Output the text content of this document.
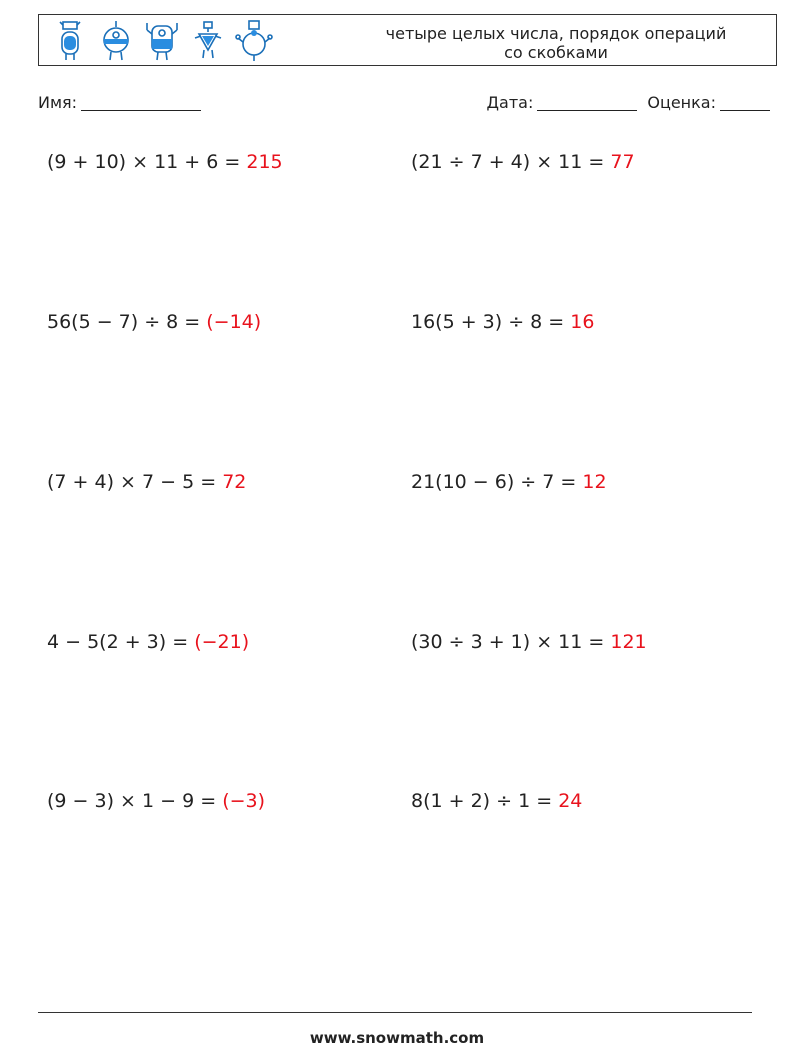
четыре целых числа, порядок операций
со скобками
Имя:	Дата:	Оценка:
(9 + 10) × 11 + 6 = 215	(21 ÷ 7 + 4) × 11 = 77
56(5 − 7) ÷ 8 = (−14)	16(5 + 3) ÷ 8 = 16
(7 + 4) × 7 − 5 = 72	21(10 − 6) ÷ 7 = 12
4 − 5(2 + 3) = (−21)	(30 ÷ 3 + 1) × 11 = 121
(9 − 3) × 1 − 9 = (−3)	8(1 + 2) ÷ 1 = 24
www.snowmath.com
